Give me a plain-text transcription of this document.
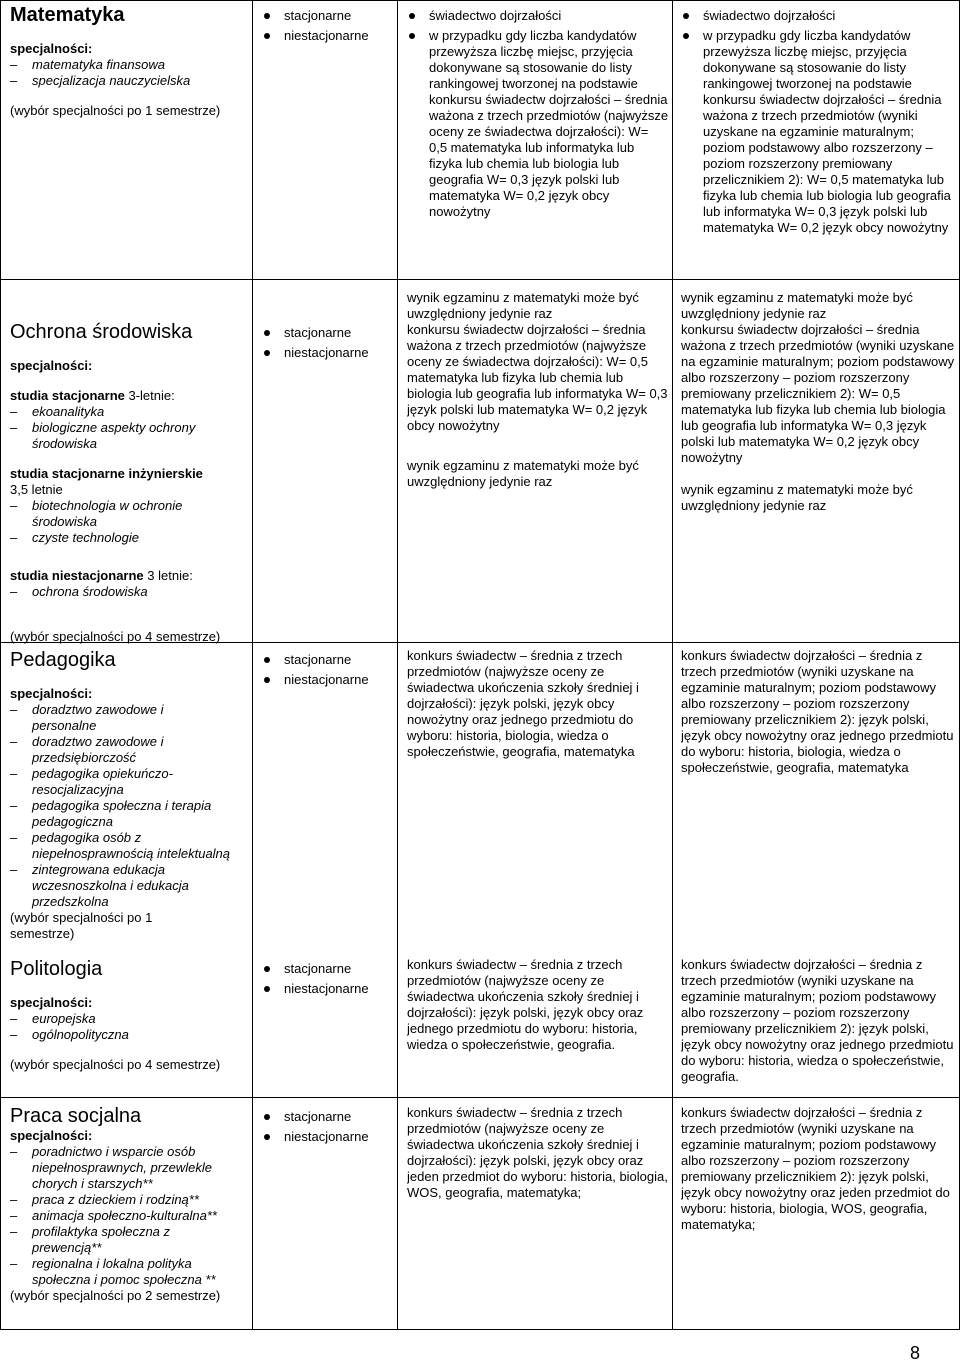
Matematyka
specjalności:
– matematyka finansowa
– specjalizacja nauczycielska
(wybór specjalności po 1 semestrze)
stacjonarne
niestacjonarne
świadectwo dojrzałości
w przypadku gdy liczba kandydatów przewyższa liczbę miejsc, przyjęcia dokonywane są stosowanie do listy rankingowej tworzonej na podstawie konkursu świadectw dojrzałości – średnia ważona z trzech przedmiotów (najwyższe oceny ze świadectwa dojrzałości): W= 0,5 matematyka lub informatyka lub fizyka lub chemia lub biologia lub geografia W= 0,3 język polski lub matematyka W= 0,2 język obcy nowożytny
świadectwo dojrzałości
w przypadku gdy liczba kandydatów przewyższa liczbę miejsc, przyjęcia dokonywane są stosowanie do listy rankingowej tworzonej na podstawie konkursu świadectw dojrzałości – średnia ważona z trzech przedmiotów (wyniki uzyskane na egzaminie maturalnym; poziom podstawowy albo rozszerzony – poziom rozszerzony premiowany przelicznikiem 2): W= 0,5 matematyka lub fizyka lub chemia lub biologia lub geografia lub informatyka W= 0,3 język polski lub matematyka W= 0,2 język obcy nowożytny
Ochrona środowiska
specjalności:
studia stacjonarne 3-letnie:
– ekoanalityka
– biologiczne aspekty ochrony środowiska
studia stacjonarne inżynierskie
3,5 letnie
– biotechnologia w ochronie środowiska
– czyste technologie
studia niestacjonarne 3 letnie:
– ochrona środowiska
stacjonarne
niestacjonarne
wynik egzaminu z matematyki może być uwzględniony jedynie raz
konkursu świadectw dojrzałości – średnia ważona z trzech przedmiotów (najwyższe oceny ze świadectwa dojrzałości): W= 0,5 matematyka lub fizyka lub chemia lub biologia lub geografia lub informatyka W= 0,3 język polski lub matematyka W= 0,2 język obcy nowożytny
wynik egzaminu z matematyki może być uwzględniony jedynie raz
wynik egzaminu z matematyki może być uwzględniony jedynie raz
konkursu świadectw dojrzałości – średnia ważona z trzech przedmiotów (wyniki uzyskane na egzaminie maturalnym; poziom podstawowy albo rozszerzony – poziom rozszerzony premiowany przelicznikiem 2): W= 0,5 matematyka lub fizyka lub chemia lub biologia lub geografia lub informatyka W= 0,3 język polski lub matematyka W= 0,2 język obcy nowożytny
wynik egzaminu z matematyki może być uwzględniony jedynie raz
(wybór specjalności po 4 semestrze)
Pedagogika
specjalności:
– doradztwo zawodowe i personalne
– doradztwo zawodowe i przedsiębiorczość
– pedagogika opiekuńczo-resocjalizacyjna
– pedagogika społeczna i terapia pedagogiczna
– pedagogika osób z niepełnosprawnością intelektualną
– zintegrowana edukacja wczesnoszkolna i edukacja przedszkolna
(wybór specjalności po 1 semestrze)
stacjonarne
niestacjonarne
konkurs świadectw – średnia z trzech przedmiotów (najwyższe oceny ze świadectwa ukończenia szkoły średniej i dojrzałości): język polski, język obcy nowożytny oraz jednego przedmiotu do wyboru: historia, biologia, wiedza o społeczeństwie, geografia, matematyka
konkurs świadectw dojrzałości – średnia z trzech przedmiotów (wyniki uzyskane na egzaminie maturalnym; poziom podstawowy albo rozszerzony – poziom rozszerzony premiowany przelicznikiem 2): język polski, język obcy nowożytny oraz jednego przedmiotu do wyboru: historia, biologia, wiedza o społeczeństwie, geografia, matematyka
Politologia
specjalności:
– europejska
– ogólnopolityczna
(wybór specjalności po 4 semestrze)
stacjonarne
niestacjonarne
konkurs świadectw – średnia z trzech przedmiotów (najwyższe oceny ze świadectwa ukończenia szkoły średniej i dojrzałości): język polski, język obcy oraz jednego przedmiotu do wyboru: historia, wiedza o społeczeństwie, geografia.
konkurs świadectw dojrzałości – średnia z trzech przedmiotów (wyniki uzyskane na egzaminie maturalnym; poziom podstawowy albo rozszerzony – poziom rozszerzony premiowany przelicznikiem 2): język polski, język obcy nowożytny oraz jednego przedmiotu do wyboru: historia, wiedza o społeczeństwie, geografia.
Praca socjalna
specjalności:
– poradnictwo i wsparcie osób niepełnosprawnych, przewlekle chorych i starszych**
– praca z dzieckiem i rodziną**
– animacja społeczno-kulturalna**
– profilaktyka społeczna z prewencją**
– regionalna i lokalna polityka społeczna i pomoc społeczna **
(wybór specjalności po 2 semestrze)
stacjonarne
niestacjonarne
konkurs świadectw – średnia z trzech przedmiotów (najwyższe oceny ze świadectwa ukończenia szkoły średniej i dojrzałości): język polski, język obcy oraz jeden przedmiot do wyboru: historia, biologia, WOS, geografia, matematyka;
konkurs świadectw dojrzałości – średnia z trzech przedmiotów (wyniki uzyskane na egzaminie maturalnym; poziom podstawowy albo rozszerzony – poziom rozszerzony premiowany przelicznikiem 2): język polski, język obcy nowożytny oraz jeden przedmiot do wyboru: historia, biologia, WOS, geografia, matematyka;
8
